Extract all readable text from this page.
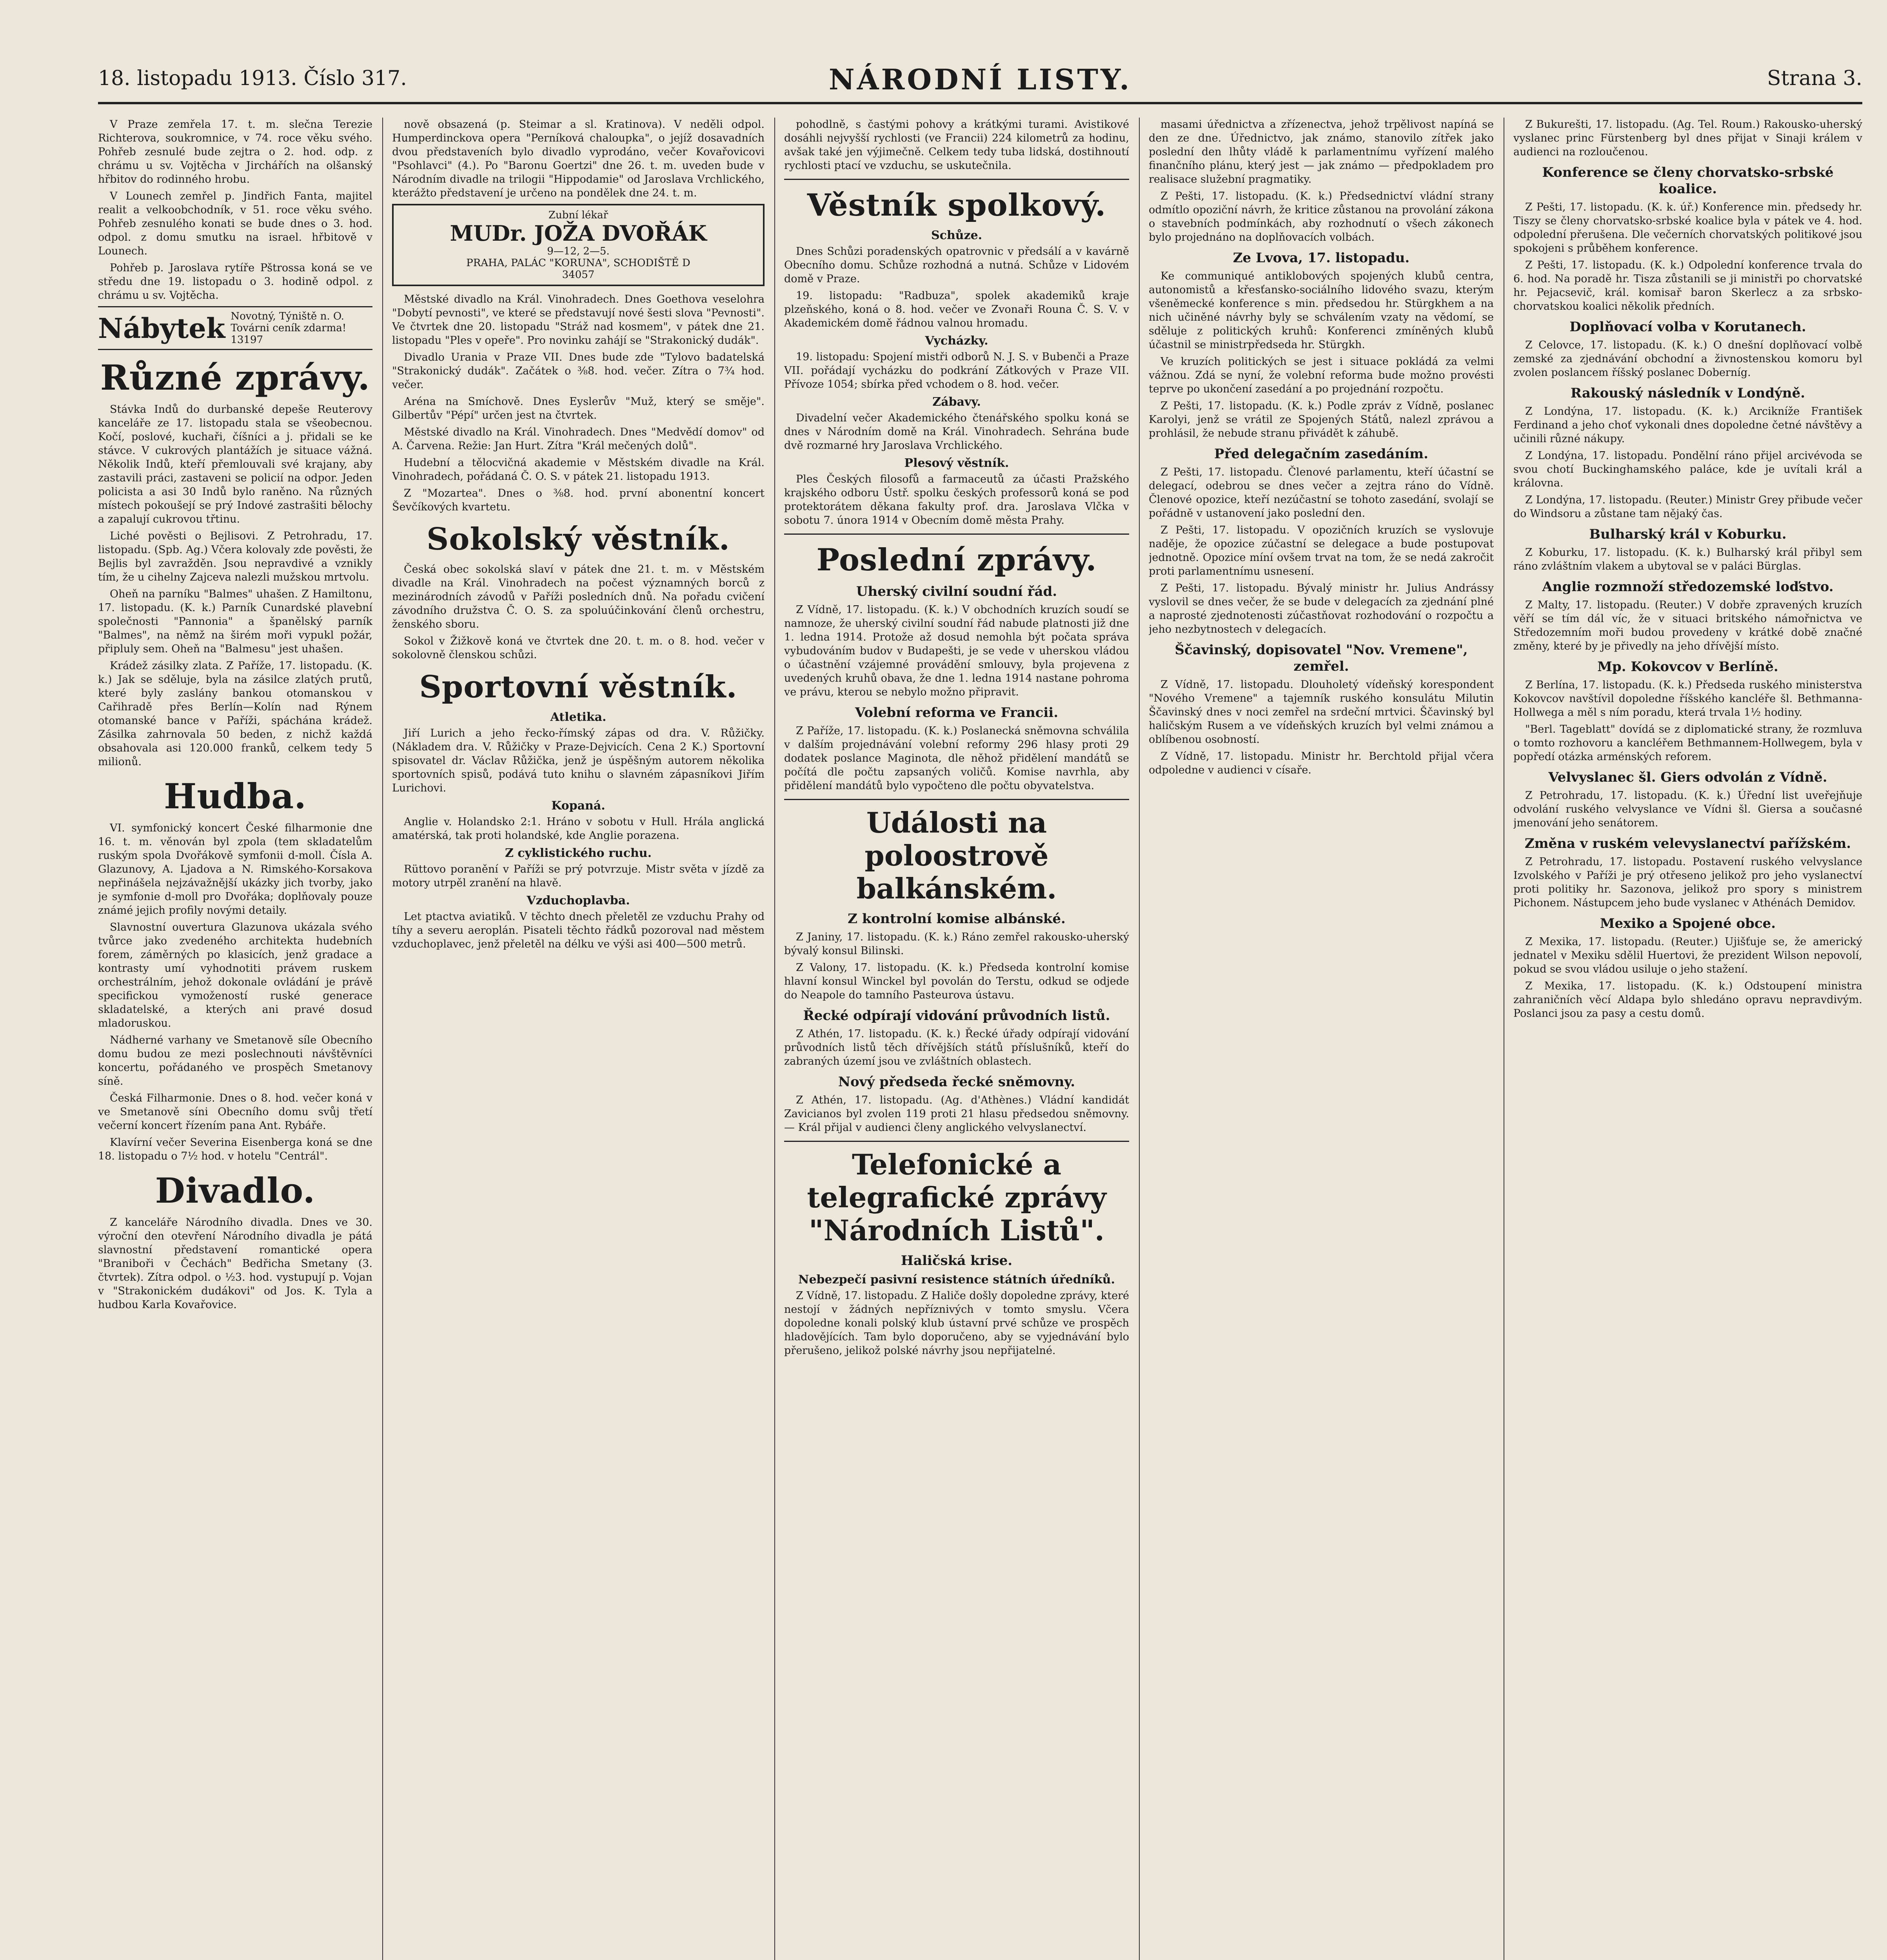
18. listopadu 1913. Číslo 317.	NÁRODNÍ LISTY.	Strana 3.

V Praze zemřela 17. t. m. slečna Terezie Richterova, soukromnice, v 74. roce věku svého. Pohřeb zesnulé bude zejtra o 2. hod. odp. z chrámu u sv. Vojtěcha v Jirchářích na olšanský hřbitov do rodinného hrobu.

V Lounech zemřel p. Jindřich Fanta, majitel realit a velkoobchodník, v 51. roce věku svého. Pohřeb zesnulého konati se bude dnes o 3. hod. odpol. z domu smutku na israel. hřbitově v Lounech.

Pohřeb p. Jaroslava rytíře Pštrossa koná se ve středu dne 19. listopadu o 3. hodině odpol. z chrámu u sv. Vojtěcha.

Nábytek Novotný, Týniště n. O. Továrni ceník zdarma! 13197
Různé zprávy.

Stávka Indů do durbanské depeše Reuterovy kanceláře ze 17. listopadu stala se všeobecnou. Kočí, poslové, kuchaři, číšníci a j. přidali se ke stávce. V cukrových plantážích je situace vážná. Několik Indů, kteří přemlouvali své krajany, aby zastavili práci, zastaveni se policií na odpor. Jeden policista a asi 30 Indů bylo raněno. Na různých místech pokoušejí se prý Indové zastrašiti bělochy a zapalují cukrovou třtinu.

Liché pověsti o Bejlisovi. Z Petrohradu, 17. listopadu. (Spb. Ag.) Včera kolovaly zde pověsti, že Bejlis byl zavražděn. Jsou nepravdivé a vznikly tím, že u cihelny Zajceva nalezli mužskou mrtvolu.

Oheň na parníku "Balmes" uhašen. Z Hamiltonu, 17. listopadu. (K. k.) Parník Cunardské plavební společnosti "Pannonia" a španělský parník "Balmes", na němž na širém moři vypukl požár, připluly sem. Oheň na "Balmesu" jest uhašen.

Krádež zásilky zlata. Z Paříže, 17. listopadu. (K. k.) Jak se sděluje, byla na zásilce zlatých prutů, které byly zaslány bankou otomanskou v Cařihradě přes Berlín—Kolín nad Rýnem otomanské bance v Paříži, spáchána krádež. Zásilka zahrnovala 50 beden, z nichž každá obsahovala asi 120.000 franků, celkem tedy 5 milionů.

Hudba.

VI. symfonický koncert České filharmonie dne 16. t. m. věnován byl zpola (tem skladatelům ruským spola Dvořákově symfonii d-moll. Čísla A. Glazunovy, A. Ljadova a N. Rimského-Korsakova nepřinášela nejzávažnější ukázky jich tvorby, jako je symfonie d-moll pro Dvořáka; doplňovaly pouze známé jejich profily novými detaily.

Slavnostní ouvertura Glazunova ukázala svého tvůrce jako zvedeného architekta hudebních forem, záměrných po klasicích, jenž gradace a kontrasty umí vyhodnotiti právem ruskem orchestrálním, jehož dokonale ovládání je právě specifickou vymožeností ruské generace skladatelské, a kterých ani pravé dosud mladoruskou.

Nádherné varhany ve Smetanově síle Obecního domu budou ze mezi poslechnouti návštěvníci koncertu, pořádaného ve prospěch Smetanovy síně.

Česká Filharmonie. Dnes o 8. hod. večer koná v ve Smetanově síni Obecního domu svůj třetí večerní koncert řízením pana Ant. Rybáře.

Klavírní večer Severina Eisenberga koná se dne 18. listopadu o 7½ hod. v hotelu "Centrál".

Divadlo.

Z kanceláře Národního divadla. Dnes ve 30. výroční den otevření Národního divadla je pátá slavnostní představení romantické opera "Braniboři v Čechách" Bedřicha Smetany (3. čtvrtek). Zítra odpol. o ½3. hod. vystupují p. Vojan v "Strakonickém dudákovi" od Jos. K. Tyla a hudbou Karla Kovařovice.

nově obsazená (p. Steimar a sl. Kratinova). V neděli odpol. Humperdinckova opera "Perníková chaloupka", o jejíž dosavadních dvou představeních bylo divadlo vyprodáno, večer Kovařovicovi "Psohlavci" (4.). Po "Baronu Goertzi" dne 26. t. m. uveden bude v Národním divadle na trilogii "Hippodamie" od Jaroslava Vrchlického, kterážto představení je určeno na pondělek dne 24. t. m.

Zubní lékař
MUDr. JOŽA DVOŘÁK
9—12, 2—5.
PRAHA, PALÁC "KORUNA", SCHODIŠTĚ D
34057

Městské divadlo na Král. Vinohradech. Dnes Goethova veselohra "Dobytí pevnosti", ve které se představují nové šesti slova "Pevnosti". Ve čtvrtek dne 20. listopadu "Stráž nad kosmem", v pátek dne 21. listopadu "Ples v opeře". Pro novinku zahájí se "Strakonický dudák".

Divadlo Urania v Praze VII. Dnes bude zde "Tylovo badatelská "Strakonický dudák". Začátek o ⅜8. hod. večer. Zítra o 7¾ hod. večer.

Aréna na Smíchově. Dnes Eyslerův "Muž, který se směje". Gilbertův "Pépí" určen jest na čtvrtek.

Městské divadlo na Král. Vinohradech. Dnes "Medvědí domov" od A. Čarvena. Režie: Jan Hurt. Zítra "Král mečených dolů".

Hudební a tělocvičná akademie v Městském divadle na Král. Vinohradech, pořádaná Č. O. S. v pátek 21. listopadu 1913.

Z "Mozartea". Dnes o ⅜8. hod. první abonentní koncert Ševčíkových kvartetu.

Sokolský věstník.

Česká obec sokolská slaví v pátek dne 21. t. m. v Městském divadle na Král. Vinohradech na počest významných borců z mezinárodních závodů v Paříži posledních dnů. Na pořadu cvičení závodního družstva Č. O. S. za spoluúčinkování členů orchestru, ženského sboru.

Sokol v Žižkově koná ve čtvrtek dne 20. t. m. o 8. hod. večer v sokolovně členskou schůzi.

Sportovní věstník.
Atletika.

Jiří Lurich a jeho řecko-římský zápas od dra. V. Růžičky. (Nákladem dra. V. Růžičky v Praze-Dejvicích. Cena 2 K.) Sportovní spisovatel dr. Václav Růžička, jenž je úspěšným autorem několika sportovních spisů, podává tuto knihu o slavném zápasníkovi Jiřím Lurichovi.

Kopaná.

Anglie v. Holandsko 2:1. Hráno v sobotu v Hull. Hrála anglická amatérská, tak proti holandské, kde Anglie porazena.

Z cyklistického ruchu.

Rüttovo poranění v Paříži se prý potvrzuje. Mistr světa v jízdě za motory utrpěl zranění na hlavě.

Vzduchoplavba.

Let ptactva aviatiků. V těchto dnech přeletěl ze vzduchu Prahy od tíhy a severu aeroplán. Pisateli těchto řádků pozoroval nad městem vzduchoplavec, jenž přeletěl na délku ve výši asi 400—500 metrů.

pohodlně, s častými pohovy a krátkými turami. Avistikové dosáhli nejvyšší rychlosti (ve Francii) 224 kilometrů za hodinu, avšak také jen výjimečně. Celkem tedy tuba lidská, dostihnoutí rychlosti ptací ve vzduchu, se uskutečnila.

Věstník spolkový.
Schůze.

Dnes Schůzi poradenských opatrovnic v předsálí a v kavárně Obecního domu. Schůze rozhodná a nutná. Schůze v Lidovém domě v Praze.

19. listopadu: "Radbuza", spolek akademiků kraje plzeňského, koná o 8. hod. večer ve Zvonaři Rouna Č. S. V. v Akademickém domě řádnou valnou hromadu.

Vycházky.

19. listopadu: Spojení mistři odborů N. J. S. v Bubenči a Praze VII. pořádají vycházku do podkrání Zátkových v Praze VII. Přívoze 1054; sbírka před vchodem o 8. hod. večer.

Zábavy.

Divadelní večer Akademického čtenářského spolku koná se dnes v Národním domě na Král. Vinohradech. Sehrána bude dvě rozmarné hry Jaroslava Vrchlického.

Plesový věstník.

Ples Českých filosofů a farmaceutů za účasti Pražského krajského odboru Ústř. spolku českých professorů koná se pod protektorátem děkana fakulty prof. dra. Jaroslava Vlčka v sobotu 7. února 1914 v Obecním domě města Prahy.

Poslední zprávy.
Uherský civilní soudní řád.

Z Vídně, 17. listopadu. (K. k.) V obchodních kruzích soudí se namnoze, že uherský civilní soudní řád nabude platnosti již dne 1. ledna 1914. Protože až dosud nemohla být počata správa vybudováním budov v Budapešti, je se vede v uherskou vládou o účastnění vzájemné provádění smlouvy, byla projevena z uvedených kruhů obava, že dne 1. ledna 1914 nastane pohroma ve právu, kterou se nebylo možno připravit.

Volební reforma ve Francii.

Z Paříže, 17. listopadu. (K. k.) Poslanecká sněmovna schválila v dalším projednávání volební reformy 296 hlasy proti 29 dodatek poslance Maginota, dle něhož přidělení mandátů se počítá dle počtu zapsaných voličů. Komise navrhla, aby přidělení mandátů bylo vypočteno dle počtu obyvatelstva.

Události na poloostrově balkánském.
Z kontrolní komise albánské.

Z Janiny, 17. listopadu. (K. k.) Ráno zemřel rakousko-uherský bývalý konsul Bilinski.

Z Valony, 17. listopadu. (K. k.) Předseda kontrolní komise hlavní konsul Winckel byl povolán do Terstu, odkud se odjede do Neapole do tamního Pasteurova ústavu.

Řecké odpírají vidování průvodních listů.

Z Athén, 17. listopadu. (K. k.) Řecké úřady odpírají vidování průvodních listů těch dřívějších států příslušníků, kteří do zabraných území jsou ve zvláštních oblastech.

Nový předseda řecké sněmovny.

Z Athén, 17. listopadu. (Ag. d'Athènes.) Vládní kandidát Zavicianos byl zvolen 119 proti 21 hlasu předsedou sněmovny. — Král přijal v audienci členy anglického velvyslanectví.

Telefonické a telegrafické zprávy "Národních Listů".
Haličská krise.
Nebezpečí pasivní resistence státních úředníků.

Z Vídně, 17. listopadu. Z Haliče došly dopoledne zprávy, které nestojí v žádných nepříznivých v tomto smyslu. Včera dopoledne konali polský klub ústavní prvé schůze ve prospěch hladovějících. Tam bylo doporučeno, aby se vyjednávání bylo přerušeno, jelikož polské návrhy jsou nepřijatelné.

masami úřednictva a zřízenectva, jehož trpělivost napíná se den ze dne. Úřednictvo, jak známo, stanovilo zítřek jako poslední den lhůty vládě k parlamentnímu vyřízení malého finančního plánu, který jest — jak známo — předpokladem pro realisace služební pragmatiky.

Z Pešti, 17. listopadu. (K. k.) Předsednictví vládní strany odmítlo opoziční návrh, že kritice zůstanou na provolání zákona o stavebních podmínkách, aby rozhodnutí o všech zákonech bylo projednáno na doplňovacích volbách.

Ze Lvova, 17. listopadu.

Ke communiqué antiklobových spojených klubů centra, autonomistů a křesťansko-sociálního lidového svazu, kterým všeněmecké konference s min. předsedou hr. Stürgkhem a na nich učiněné návrhy byly se schválením vzaty na vědomí, se sděluje z politických kruhů: Konferenci zmíněných klubů účastnil se ministrpředseda hr. Stürgkh.

Ve kruzích politických se jest i situace pokládá za velmi vážnou. Zdá se nyní, že volební reforma bude možno provésti teprve po ukončení zasedání a po projednání rozpočtu.

Z Pešti, 17. listopadu. (K. k.) Podle zpráv z Vídně, poslanec Karolyi, jenž se vrátil ze Spojených Států, nalezl zprávou a prohlásil, že nebude stranu přivádět k záhubě.

Před delegačním zasedáním.

Z Pešti, 17. listopadu. Členové parlamentu, kteří účastní se delegací, odebrou se dnes večer a zejtra ráno do Vídně. Členové opozice, kteří nezúčastní se tohoto zasedání, svolají se pořádně v ustanovení jako poslední den.

Z Pešti, 17. listopadu. V opozičních kruzích se vyslovuje naděje, že opozice zúčastní se delegace a bude postupovat jednotně. Opozice míní ovšem trvat na tom, že se nedá zakročit proti parlamentnímu usnesení.

Z Pešti, 17. listopadu. Bývalý ministr hr. Julius Andrássy vyslovil se dnes večer, že se bude v delegacích za zjednání plné a naprosté zjednotenosti zúčastňovat rozhodování o rozpočtu a jeho nezbytnostech v delegacích.

Ščavinský, dopisovatel "Nov. Vremene", zemřel.

Z Vídně, 17. listopadu. Dlouholetý vídeňský korespondent "Nového Vremene" a tajemník ruského konsulátu Milutin Ščavinský dnes v noci zemřel na srdeční mrtvici. Ščavinský byl haličským Rusem a ve vídeňských kruzích byl velmi známou a oblíbenou osobností.

Z Vídně, 17. listopadu. Ministr hr. Berchtold přijal včera odpoledne v audienci v císaře.

Z Bukurešti, 17. listopadu. (Ag. Tel. Roum.) Rakousko-uherský vyslanec princ Fürstenberg byl dnes přijat v Sinaji králem v audienci na rozloučenou.

Konference se členy chorvatsko-srbské koalice.

Z Pešti, 17. listopadu. (K. k. úř.) Konference min. předsedy hr. Tiszy se členy chorvatsko-srbské koalice byla v pátek ve 4. hod. odpolední přerušena. Dle večerních chorvatských politikové jsou spokojeni s průběhem konference.

Z Pešti, 17. listopadu. (K. k.) Odpolední konference trvala do 6. hod. Na poradě hr. Tisza zůstanili se ji ministři po chorvatské hr. Pejacsevič, král. komisař baron Skerlecz a za srbsko-chorvatskou koalici několik předních.

Doplňovací volba v Korutanech.

Z Celovce, 17. listopadu. (K. k.) O dnešní doplňovací volbě zemské za zjednávání obchodní a živnostenskou komoru byl zvolen poslancem říšský poslanec Doberníg.

Rakouský následník v Londýně.

Z Londýna, 17. listopadu. (K. k.) Arcikníže František Ferdinand a jeho choť vykonali dnes dopoledne četné návštěvy a učinili různé nákupy.

Z Londýna, 17. listopadu. Pondělní ráno přijel arcivévoda se svou chotí Buckinghamského paláce, kde je uvítali král a královna.

Z Londýna, 17. listopadu. (Reuter.) Ministr Grey přibude večer do Windsoru a zůstane tam nějaký čas.

Bulharský král v Koburku.

Z Koburku, 17. listopadu. (K. k.) Bulharský král přibyl sem ráno zvláštním vlakem a ubytoval se v paláci Bürglas.

Anglie rozmnoží středozemské loďstvo.

Z Malty, 17. listopadu. (Reuter.) V dobře zpravených kruzích věří se tím dál víc, že v situaci britského námořnictva ve Středozemním moři budou provedeny v krátké době značné změny, které by je přivedly na jeho dřívější místo.

Mp. Kokovcov v Berlíně.

Z Berlína, 17. listopadu. (K. k.) Předseda ruského ministerstva Kokovcov navštívil dopoledne říšského kancléře šl. Bethmanna-Hollwega a měl s ním poradu, která trvala 1½ hodiny.

"Berl. Tageblatt" dovídá se z diplomatické strany, že rozmluva o tomto rozhovoru a kancléřem Bethmannem-Hollwegem, byla v popředí otázka arménských reforem.

Velvyslanec šl. Giers odvolán z Vídně.

Z Petrohradu, 17. listopadu. (K. k.) Úřední list uveřejňuje odvolání ruského velvyslance ve Vídni šl. Giersa a současné jmenování jeho senátorem.

Změna v ruském velevyslanectví pařížském.

Z Petrohradu, 17. listopadu. Postavení ruského velvyslance Izvolského v Paříži je prý otřeseno jelikož pro jeho vyslanectví proti politiky hr. Sazonova, jelikož pro spory s ministrem Pichonem. Nástupcem jeho bude vyslanec v Athénách Demidov.

Mexiko a Spojené obce.

Z Mexika, 17. listopadu. (Reuter.) Ujišťuje se, že americký jednatel v Mexiku sdělil Huertovi, že prezident Wilson nepovolí, pokud se svou vládou usiluje o jeho stažení.

Z Mexika, 17. listopadu. (K. k.) Odstoupení ministra zahraničních věcí Aldapa bylo shledáno opravu nepravdivým. Poslanci jsou za pasy a cestu domů.
